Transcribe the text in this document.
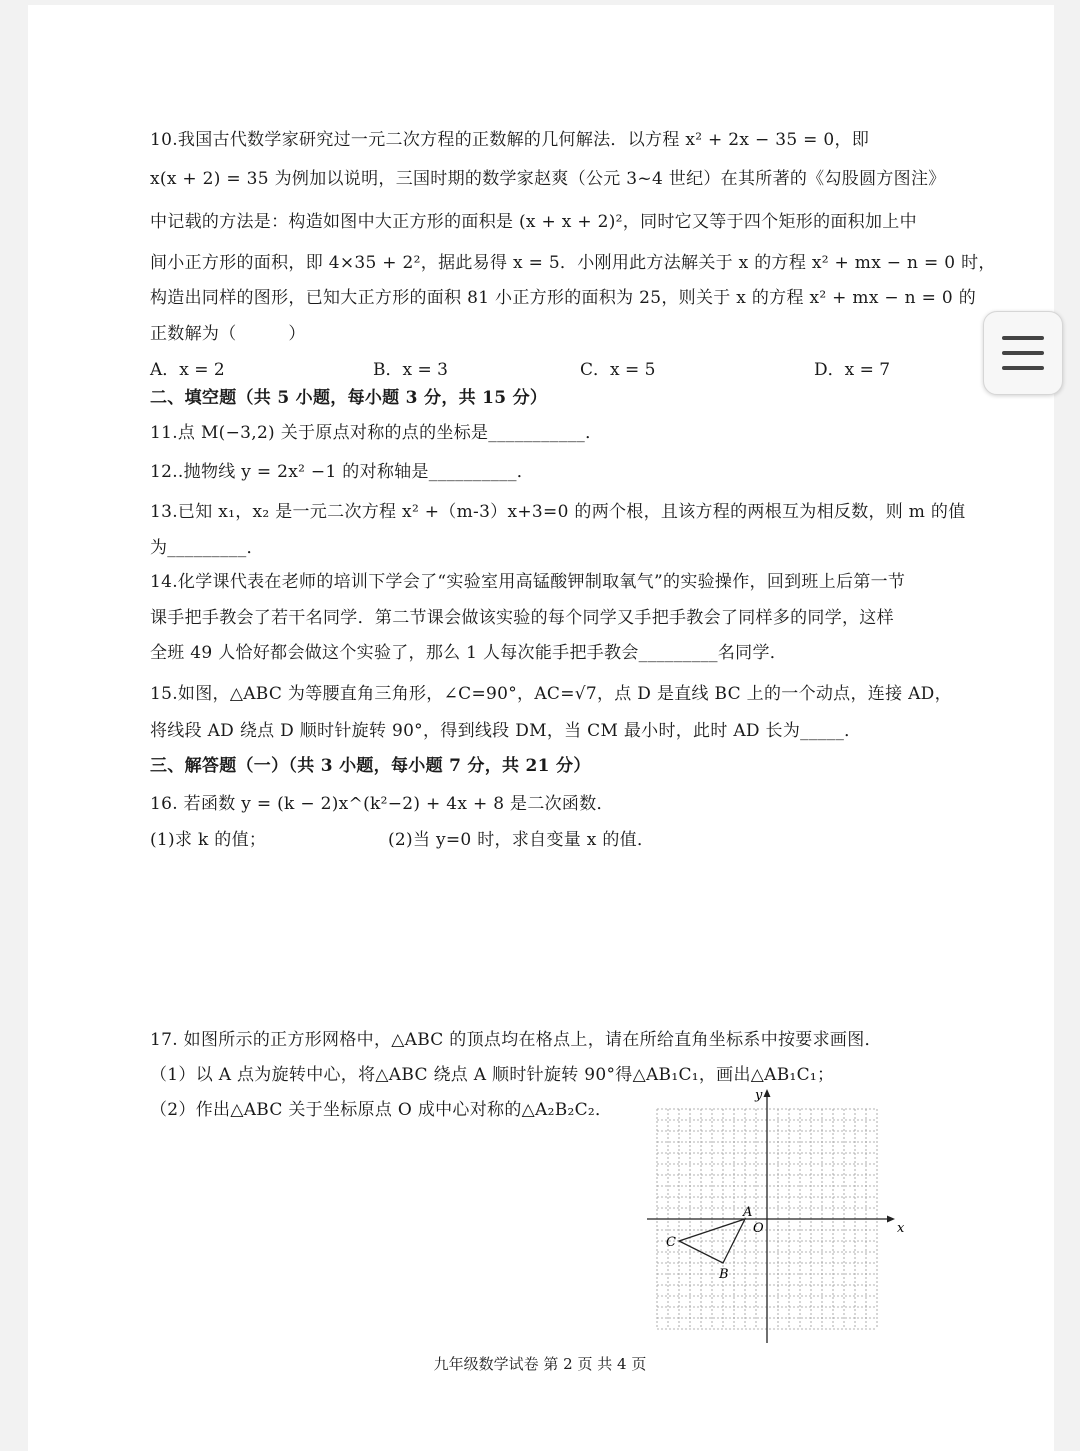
10.我国古代数学家研究过一元二次方程的正数解的几何解法．以方程 x² + 2x − 35 = 0，即
x(x + 2) = 35 为例加以说明，三国时期的数学家赵爽（公元 3~4 世纪）在其所著的《勾股圆方图注》
中记载的方法是：构造如图中大正方形的面积是 (x + x + 2)²，同时它又等于四个矩形的面积加上中
间小正方形的面积，即 4×35 + 2²，据此易得 x = 5．小刚用此方法解关于 x 的方程 x² + mx − n = 0 时，
构造出同样的图形，已知大正方形的面积 81 小正方形的面积为 25，则关于 x 的方程 x² + mx − n = 0 的
正数解为（　　　）
A．x = 2	B．x = 3	C．x = 5	D．x = 7
二、填空题（共 5 小题，每小题 3 分，共 15 分）
11.点 M(−3,2) 关于原点对称的点的坐标是___________．
12..抛物线 y = 2x² −1 的对称轴是__________．
13.已知 x₁，x₂ 是一元二次方程 x² +（m-3）x+3=0 的两个根，且该方程的两根互为相反数，则 m 的值
为_________．
14.化学课代表在老师的培训下学会了“实验室用高锰酸钾制取氧气”的实验操作，回到班上后第一节
课手把手教会了若干名同学．第二节课会做该实验的每个同学又手把手教会了同样多的同学，这样
全班 49 人恰好都会做这个实验了，那么 1 人每次能手把手教会_________名同学．
15.如图，△ABC 为等腰直角三角形，∠C=90°，AC=√7，点 D 是直线 BC 上的一个动点，连接 AD，
将线段 AD 绕点 D 顺时针旋转 90°，得到线段 DM，当 CM 最小时，此时 AD 长为_____．
三、解答题（一）（共 3 小题，每小题 7 分，共 21 分）
16. 若函数 y = (k − 2)x^(k²−2) + 4x + 8 是二次函数．
(1)求 k 的值；	(2)当 y=0 时，求自变量 x 的值．
17. 如图所示的正方形网格中，△ABC 的顶点均在格点上，请在所给直角坐标系中按要求画图．
（1）以 A 点为旋转中心，将△ABC 绕点 A 顺时针旋转 90°得△AB₁C₁，画出△AB₁C₁；
（2）作出△ABC 关于坐标原点 O 成中心对称的△A₂B₂C₂．
x
y
O
A
B
C
九年级数学试卷 第 2 页 共 4 页
